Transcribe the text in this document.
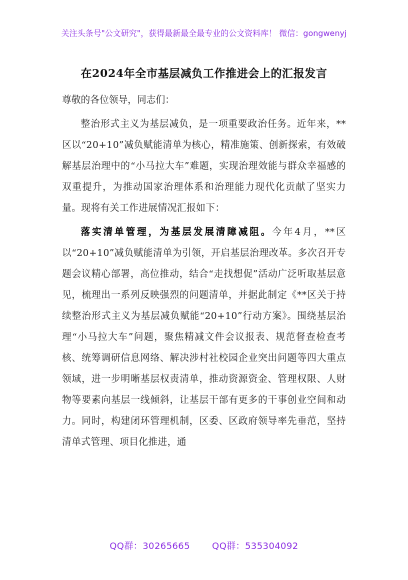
关注头条号"公文研究"，获得最新最全最专业的公文资料库！ 微信：gongwenyj
在2024年全市基层减负工作推进会上的汇报发言

尊敬的各位领导，同志们：

整治形式主义为基层减负，是一项重要政治任务。近年来，**区以“20+10”减负赋能清单为核心，精准施策、创新探索，有效破解基层治理中的“小马拉大车”难题，实现治理效能与群众幸福感的双重提升，为推动国家治理体系和治理能力现代化贡献了坚实力量。现将有关工作进展情况汇报如下：

落实清单管理，为基层发展清障减阻。今年4月，**区以“20+10”减负赋能清单为引领，开启基层治理改革。多次召开专题会议精心部署，高位推动，结合“走找想促”活动广泛听取基层意见，梳理出一系列反映强烈的问题清单，并据此制定《**区关于持续整治形式主义为基层减负赋能“20+10”行动方案》。围绕基层治理“小马拉大车”问题，聚焦精减文件会议报表、规范督查检查考核、统筹调研信息网络、解决涉村社校园企业突出问题等四大重点领域，进一步明晰基层权责清单，推动资源资金、管理权限、人财物等要素向基层一线倾斜，让基层干部有更多的干事创业空间和动力。同时，构建闭环管理机制，区委、区政府领导率先垂范，坚持清单式管理、项目化推进，通

QQ群：30265665 QQ群：535304092
